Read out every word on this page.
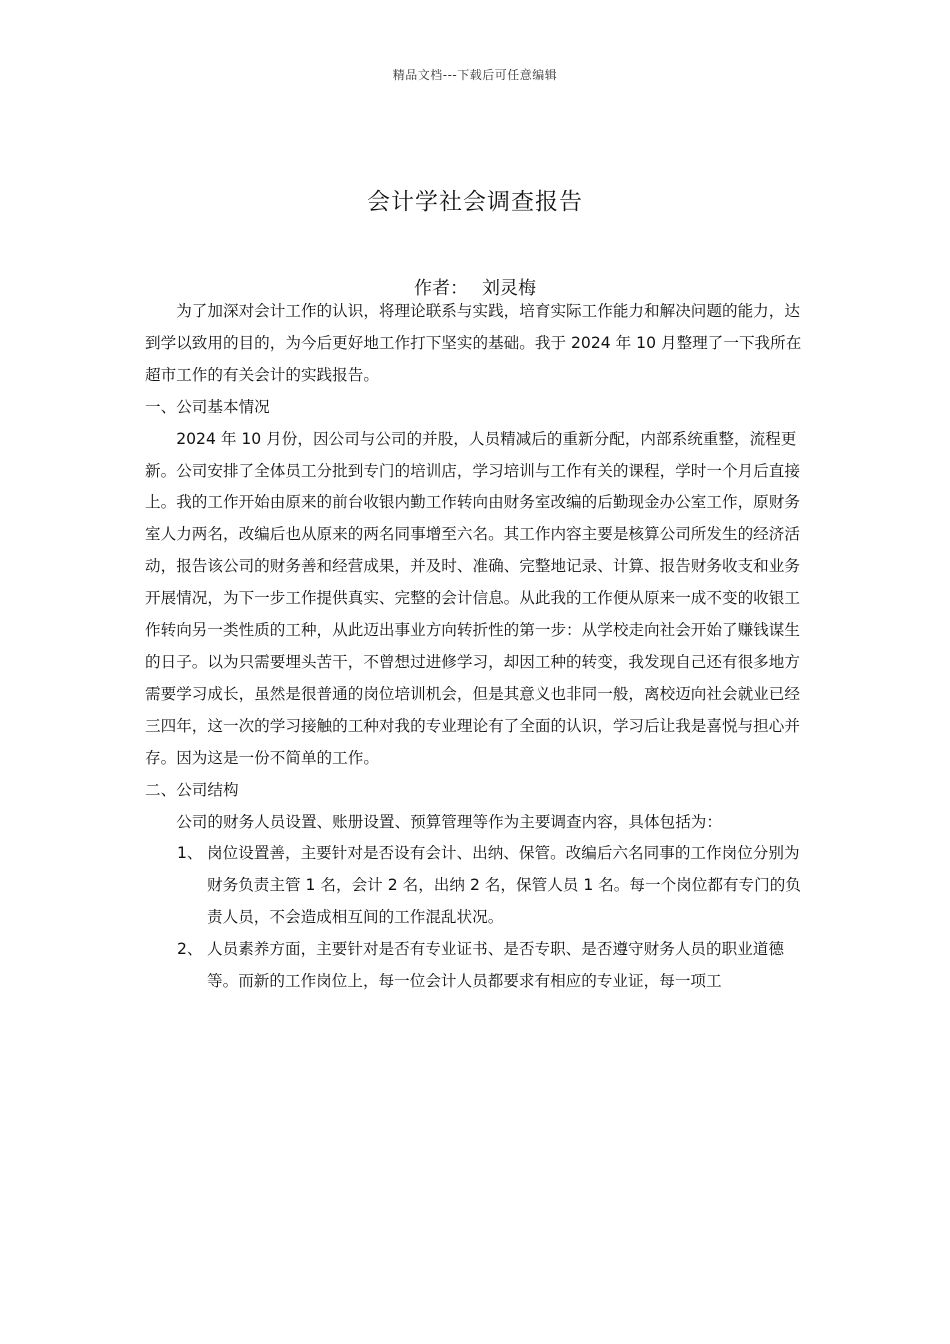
精品文档---下载后可任意编辑
会计学社会调查报告
作者： 刘灵梅

为了加深对会计工作的认识，将理论联系与实践，培育实际工作能力和解决问题的能力，达到学以致用的目的，为今后更好地工作打下坚实的基础。我于 2024 年 10 月整理了一下我所在超市工作的有关会计的实践报告。

一、公司基本情况

2024 年 10 月份，因公司与公司的并股，人员精减后的重新分配，内部系统重整，流程更新。公司安排了全体员工分批到专门的培训店，学习培训与工作有关的课程，学时一个月后直接上。我的工作开始由原来的前台收银内勤工作转向由财务室改编的后勤现金办公室工作，原财务室人力两名，改编后也从原来的两名同事增至六名。其工作内容主要是核算公司所发生的经济活动，报告该公司的财务善和经营成果，并及时、准确、完整地记录、计算、报告财务收支和业务开展情况，为下一步工作提供真实、完整的会计信息。从此我的工作便从原来一成不变的收银工作转向另一类性质的工种，从此迈出事业方向转折性的第一步：从学校走向社会开始了赚钱谋生的日子。以为只需要埋头苦干，不曾想过进修学习，却因工种的转变，我发现自己还有很多地方需要学习成长，虽然是很普通的岗位培训机会，但是其意义也非同一般，离校迈向社会就业已经三四年，这一次的学习接触的工种对我的专业理论有了全面的认识，学习后让我是喜悦与担心并存。因为这是一份不简单的工作。

二、公司结构

公司的财务人员设置、账册设置、预算管理等作为主要调查内容，具体包括为：

1、 岗位设置善，主要针对是否设有会计、出纳、保管。改编后六名同事的工作岗位分别为财务负责主管 1 名，会计 2 名，出纳 2 名，保管人员 1 名。每一个岗位都有专门的负责人员，不会造成相互间的工作混乱状况。
2、 人员素养方面，主要针对是否有专业证书、是否专职、是否遵守财务人员的职业道德等。而新的工作岗位上，每一位会计人员都要求有相应的专业证，每一项工
